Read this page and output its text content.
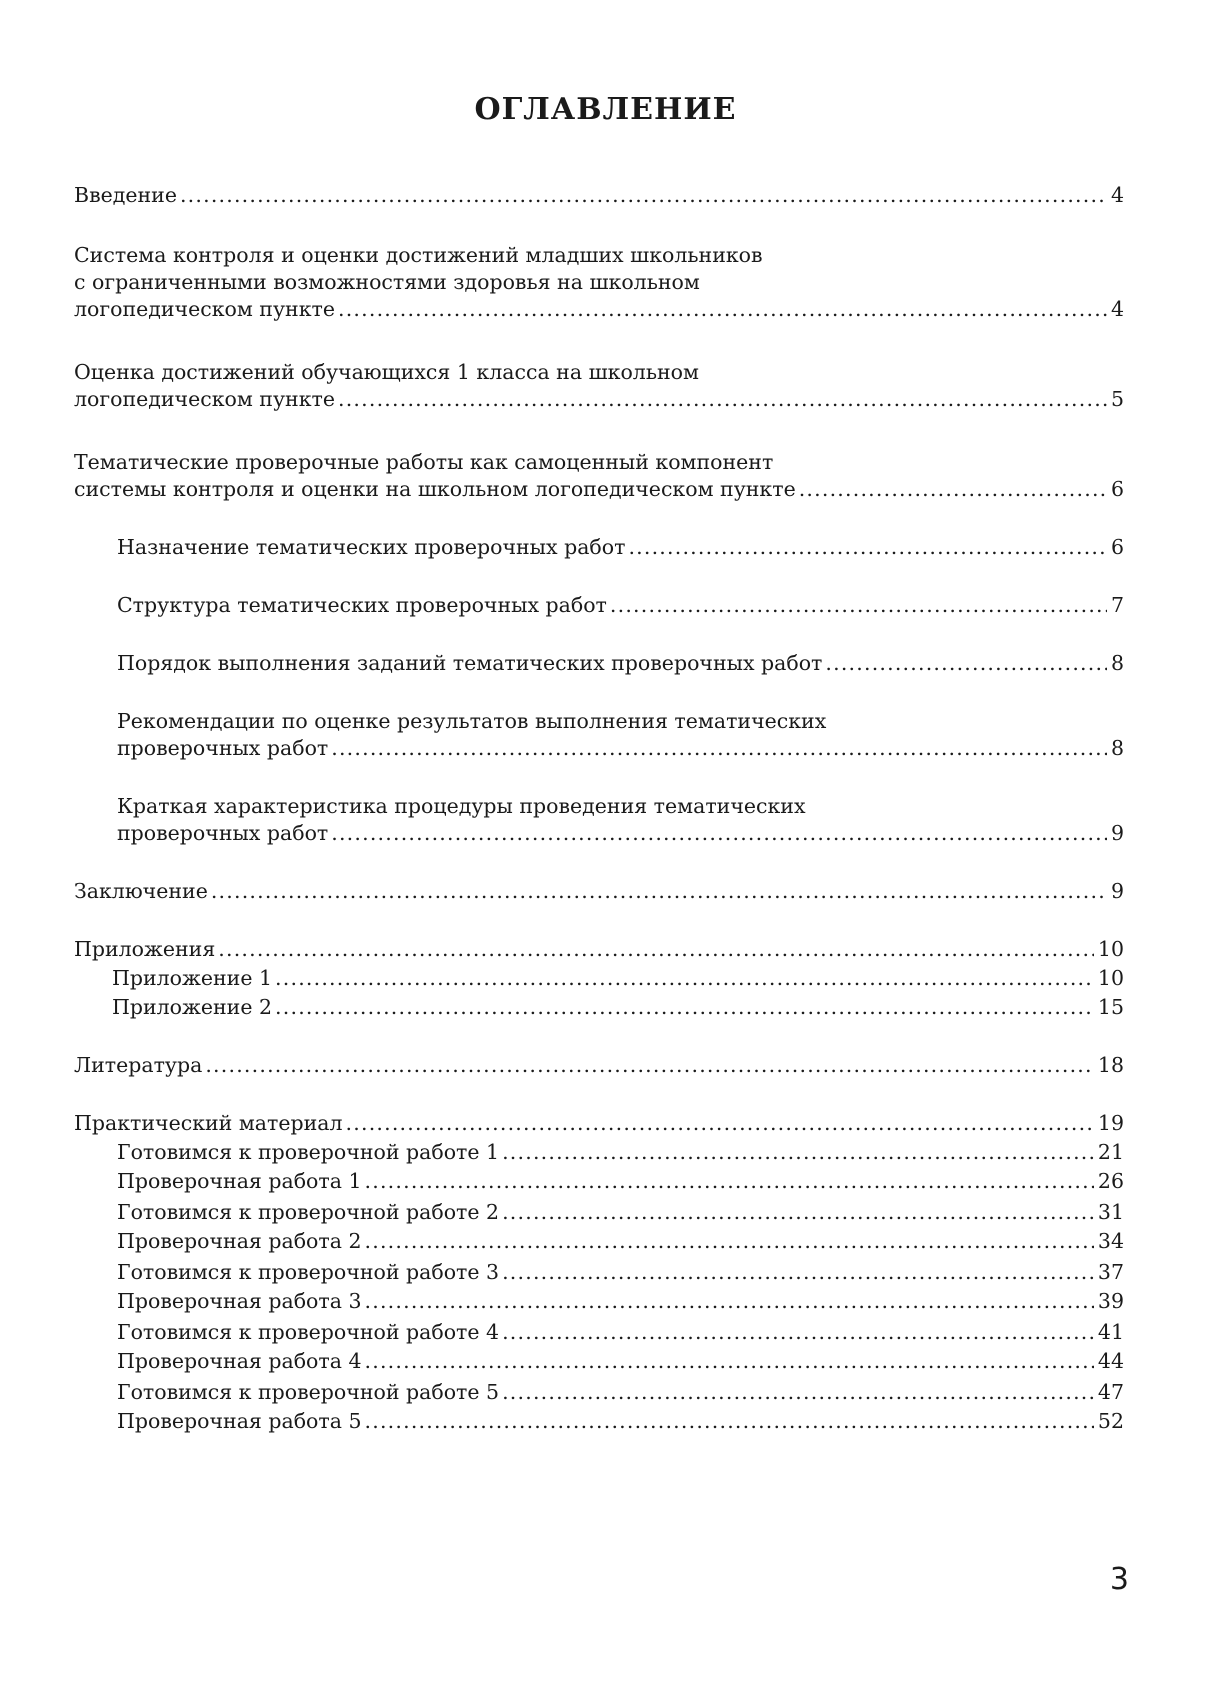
ОГЛАВЛЕНИЕ
Введение .....	4
Система контроля и оценки достижений младших школьников
с ограниченными возможностями здоровья на школьном
логопедическом пункте .....	4
Оценка достижений обучающихся 1 класса на школьном
логопедическом пункте .....	5
Тематические проверочные работы как самоценный компонент
системы контроля и оценки на школьном логопедическом пункте .....	6
Назначение тематических проверочных работ .....	6
Структура тематических проверочных работ .....	7
Порядок выполнения заданий тематических проверочных работ .....	8
Рекомендации по оценке результатов выполнения тематических
проверочных работ .....	8
Краткая характеристика процедуры проведения тематических
проверочных работ .....	9
Заключение .....	9
Приложения .....	10
Приложение 1 .....	10
Приложение 2 .....	15
Литература .....	18
Практический материал .....	19
Готовимся к проверочной работе 1 .....	21
Проверочная работа 1 .....	26
Готовимся к проверочной работе 2 .....	31
Проверочная работа 2 .....	34
Готовимся к проверочной работе 3 .....	37
Проверочная работа 3 .....	39
Готовимся к проверочной работе 4 .....	41
Проверочная работа 4 .....	44
Готовимся к проверочной работе 5 .....	47
Проверочная работа 5 .....	52
3
